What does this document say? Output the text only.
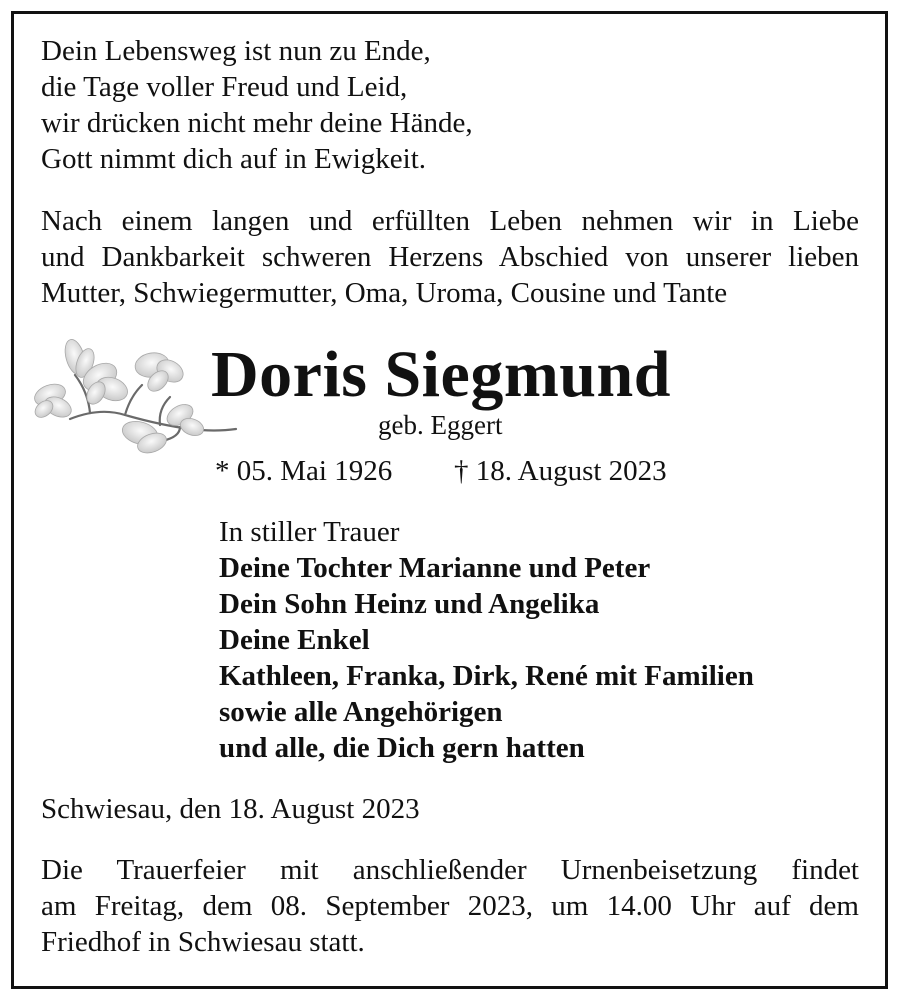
Dein Lebensweg ist nun zu Ende,
die Tage voller Freud und Leid,
wir drücken nicht mehr deine Hände,
Gott nimmt dich auf in Ewigkeit.
Nach einem langen und erfüllten Leben nehmen wir in Liebe
und Dankbarkeit schweren Herzens Abschied von unserer lieben
Mutter, Schwiegermutter, Oma, Uroma, Cousine und Tante
Doris Siegmund
geb. Eggert
* 05. Mai 1926 † 18. August 2023
In stiller Trauer
Deine Tochter Marianne und Peter
Dein Sohn Heinz und Angelika
Deine Enkel
Kathleen, Franka, Dirk, René mit Familien
sowie alle Angehörigen
und alle, die Dich gern hatten
Schwiesau, den 18. August 2023
Die Trauerfeier mit anschließender Urnenbeisetzung findet
am Freitag, dem 08. September 2023, um 14.00 Uhr auf dem
Friedhof in Schwiesau statt.
